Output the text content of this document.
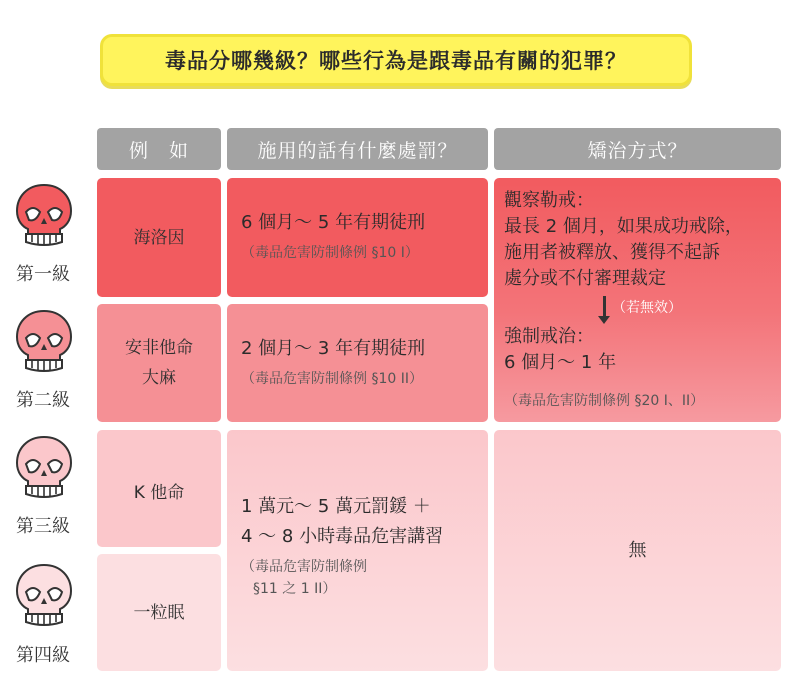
毒品分哪幾級？哪些行為是跟毒品有關的犯罪？
例　如	施用的話有什麼處罰？	矯治方式？
第一級
第二級
第三級
第四級
海洛因
安非他命
大麻
K 他命
一粒眠
6 個月～ 5 年有期徒刑
（毒品危害防制條例 §10 I）
2 個月～ 3 年有期徒刑
（毒品危害防制條例 §10 II）
1 萬元～ 5 萬元罰鍰 ＋
4 ～ 8 小時毒品危害講習
（毒品危害防制條例
§11 之 1 II）
觀察勒戒：
最長 2 個月，如果成功戒除，
施用者被釋放、獲得不起訴
處分或不付審理裁定
（若無效）
強制戒治：
6 個月～ 1 年
（毒品危害防制條例 §20 I、II）
無
